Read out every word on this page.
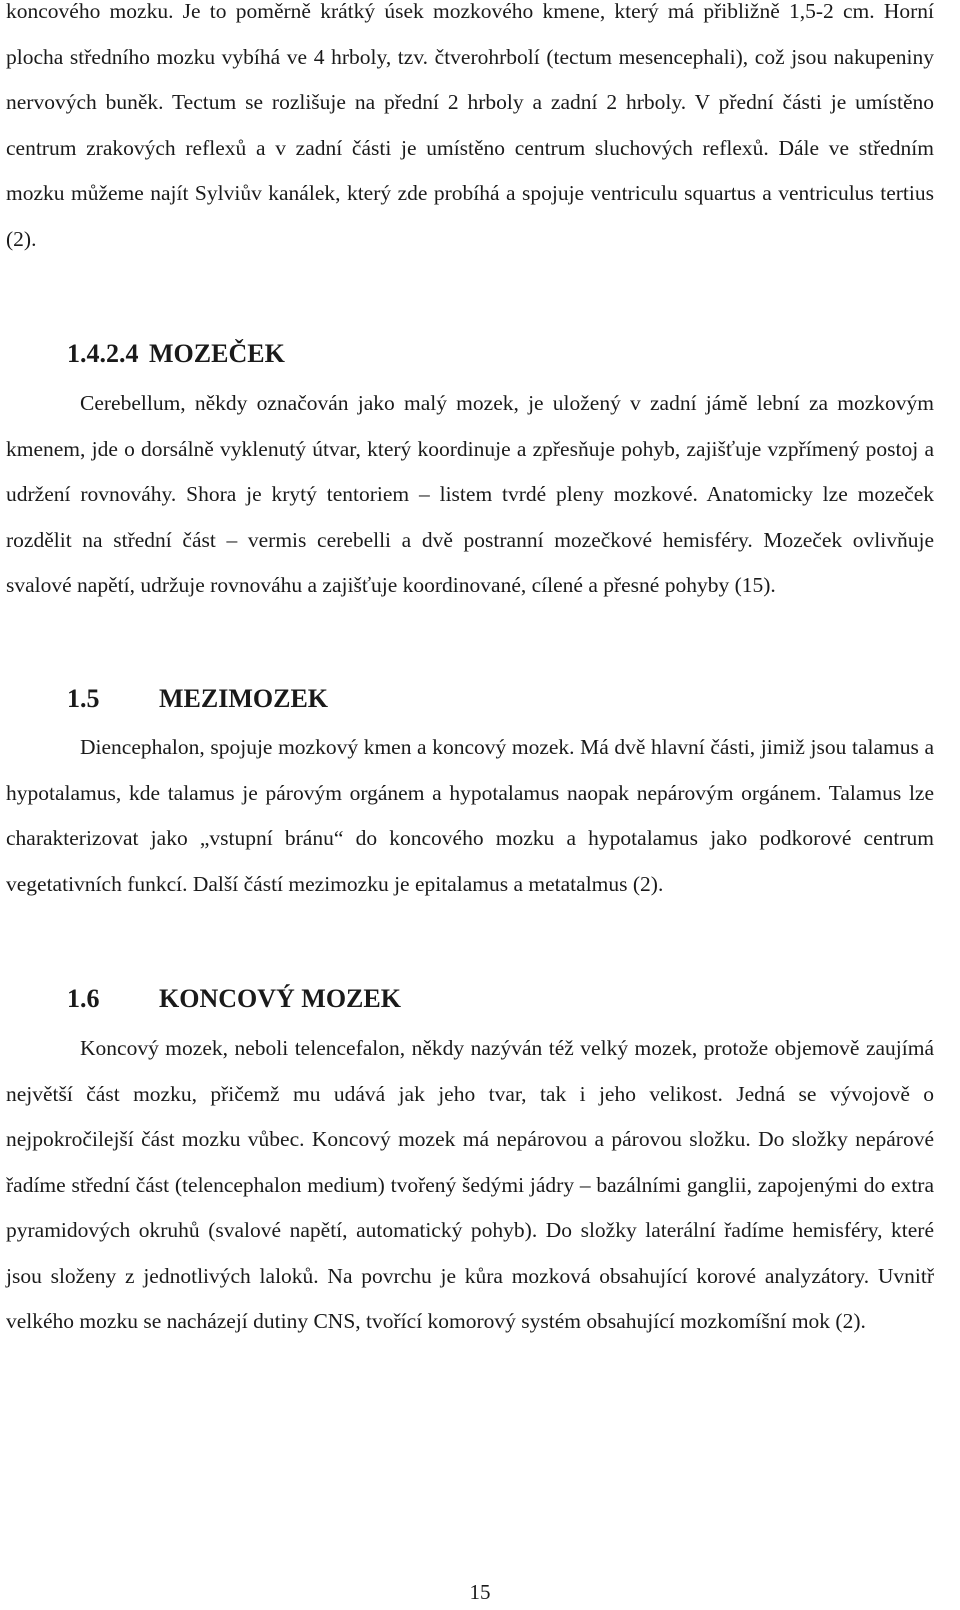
koncového mozku. Je to poměrně krátký úsek mozkového kmene, který má přibližně 1,5-2 cm. Horní plocha středního mozku vybíhá ve 4 hrboly, tzv. čtverohrbolí (tectum mesencephali), což jsou nakupeniny nervových buněk. Tectum se rozlišuje na přední 2 hrboly a zadní 2 hrboly. V přední části je umístěno centrum zrakových reflexů a v zadní části je umístěno centrum sluchových reflexů. Dále ve středním mozku můžeme najít Sylviův kanálek, který zde probíhá a spojuje ventriculu squartus a ventriculus tertius (2).

1.4.2.4 MOZEČEK

Cerebellum, někdy označován jako malý mozek, je uložený v zadní jámě lební za mozkovým kmenem, jde o dorsálně vyklenutý útvar, který koordinuje a zpřesňuje pohyb, zajišťuje vzpřímený postoj a udržení rovnováhy. Shora je krytý tentoriem – listem tvrdé pleny mozkové. Anatomicky lze mozeček rozdělit na střední část – vermis cerebelli a dvě postranní mozečkové hemisféry. Mozeček ovlivňuje svalové napětí, udržuje rovnováhu a zajišťuje koordinované, cílené a přesné pohyby (15).

1.5 MEZIMOZEK

Diencephalon, spojuje mozkový kmen a koncový mozek. Má dvě hlavní části, jimiž jsou talamus a hypotalamus, kde talamus je párovým orgánem a hypotalamus naopak nepárovým orgánem. Talamus lze charakterizovat jako „vstupní bránu“ do koncového mozku a hypotalamus jako podkorové centrum vegetativních funkcí. Další částí mezimozku je epitalamus a metatalmus (2).

1.6 KONCOVÝ MOZEK

Koncový mozek, neboli telencefalon, někdy nazýván též velký mozek, protože objemově zaujímá největší část mozku, přičemž mu udává jak jeho tvar, tak i jeho velikost. Jedná se vývojově o nejpokročilejší část mozku vůbec. Koncový mozek má nepárovou a párovou složku. Do složky nepárové řadíme střední část (telencephalon medium) tvořený šedými jádry – bazálními ganglii, zapojenými do extra pyramidových okruhů (svalové napětí, automatický pohyb). Do složky laterální řadíme hemisféry, které jsou složeny z jednotlivých laloků. Na povrchu je kůra mozková obsahující korové analyzátory. Uvnitř velkého mozku se nacházejí dutiny CNS, tvořící komorový systém obsahující mozkomíšní mok (2).

15
